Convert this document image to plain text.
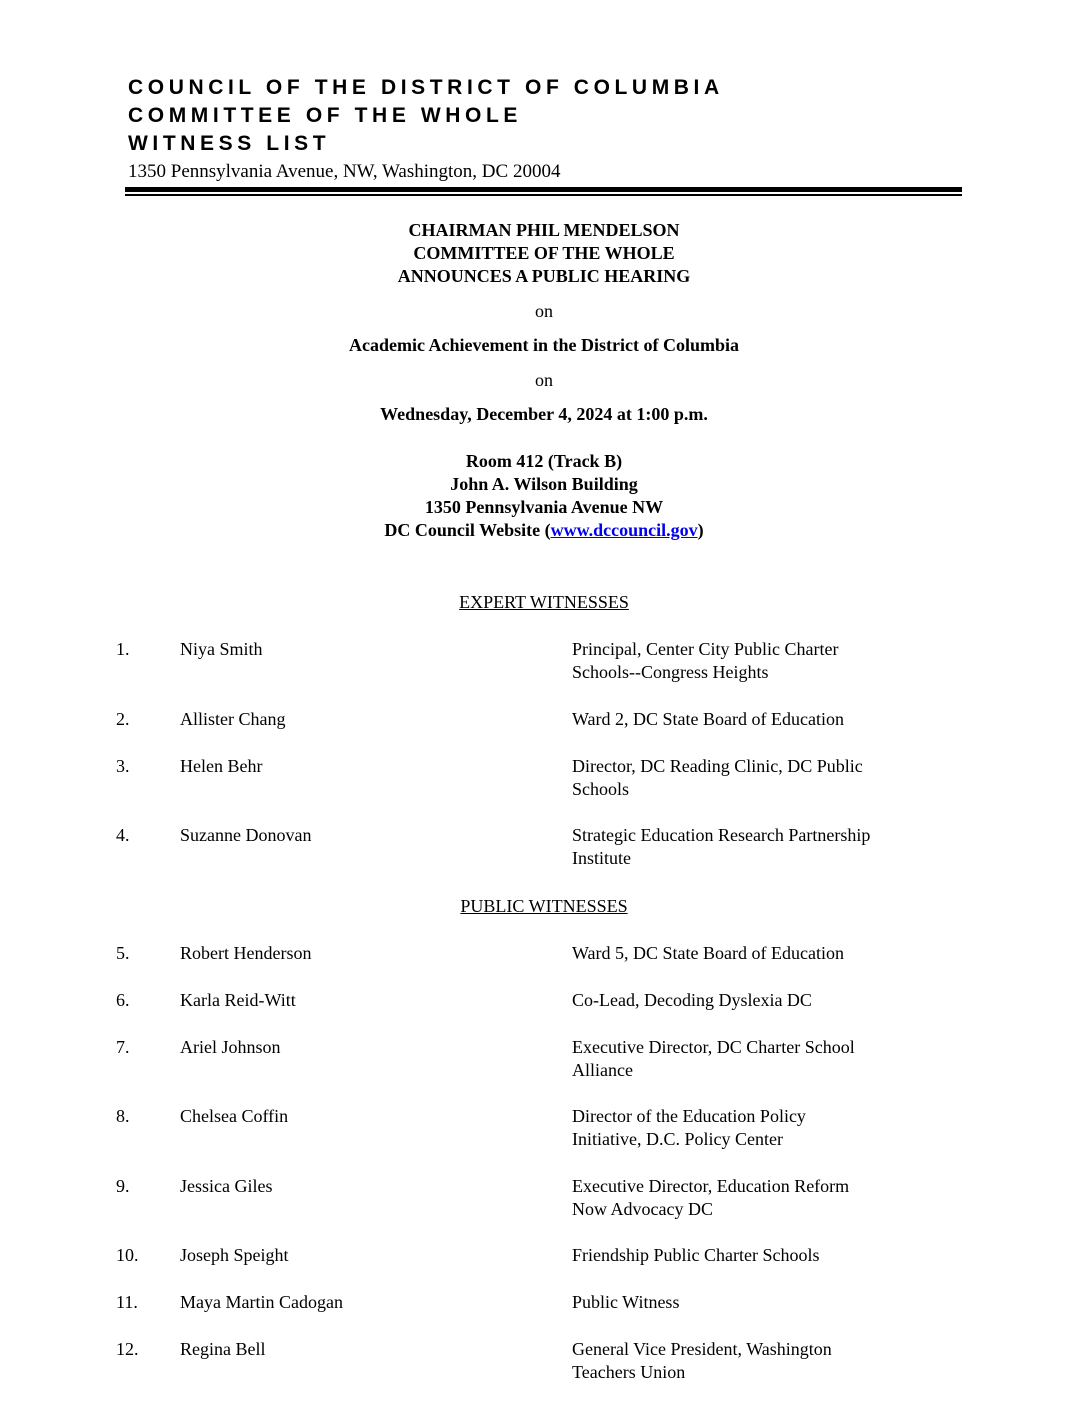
COUNCIL OF THE DISTRICT OF COLUMBIA
COMMITTEE OF THE WHOLE
WITNESS LIST
1350 Pennsylvania Avenue, NW, Washington, DC 20004
CHAIRMAN PHIL MENDELSON
COMMITTEE OF THE WHOLE
ANNOUNCES A PUBLIC HEARING
on
Academic Achievement in the District of Columbia
on
Wednesday, December 4, 2024 at 1:00 p.m.
Room 412 (Track B)
John A. Wilson Building
1350 Pennsylvania Avenue NW
DC Council Website (www.dccouncil.gov)
EXPERT WITNESSES
1.	Niya Smith	Principal, Center City Public Charter
Schools--Congress Heights
2.	Allister Chang	Ward 2, DC State Board of Education
3.	Helen Behr	Director, DC Reading Clinic, DC Public
Schools
4.	Suzanne Donovan	Strategic Education Research Partnership
Institute
PUBLIC WITNESSES
5.	Robert Henderson	Ward 5, DC State Board of Education
6.	Karla Reid-Witt	Co-Lead, Decoding Dyslexia DC
7.	Ariel Johnson	Executive Director, DC Charter School
Alliance
8.	Chelsea Coffin	Director of the Education Policy
Initiative, D.C. Policy Center
9.	Jessica Giles	Executive Director, Education Reform
Now Advocacy DC
10. Joseph Speight	Friendship Public Charter Schools
11. Maya Martin Cadogan	Public Witness
12. Regina Bell	General Vice President, Washington
Teachers Union
